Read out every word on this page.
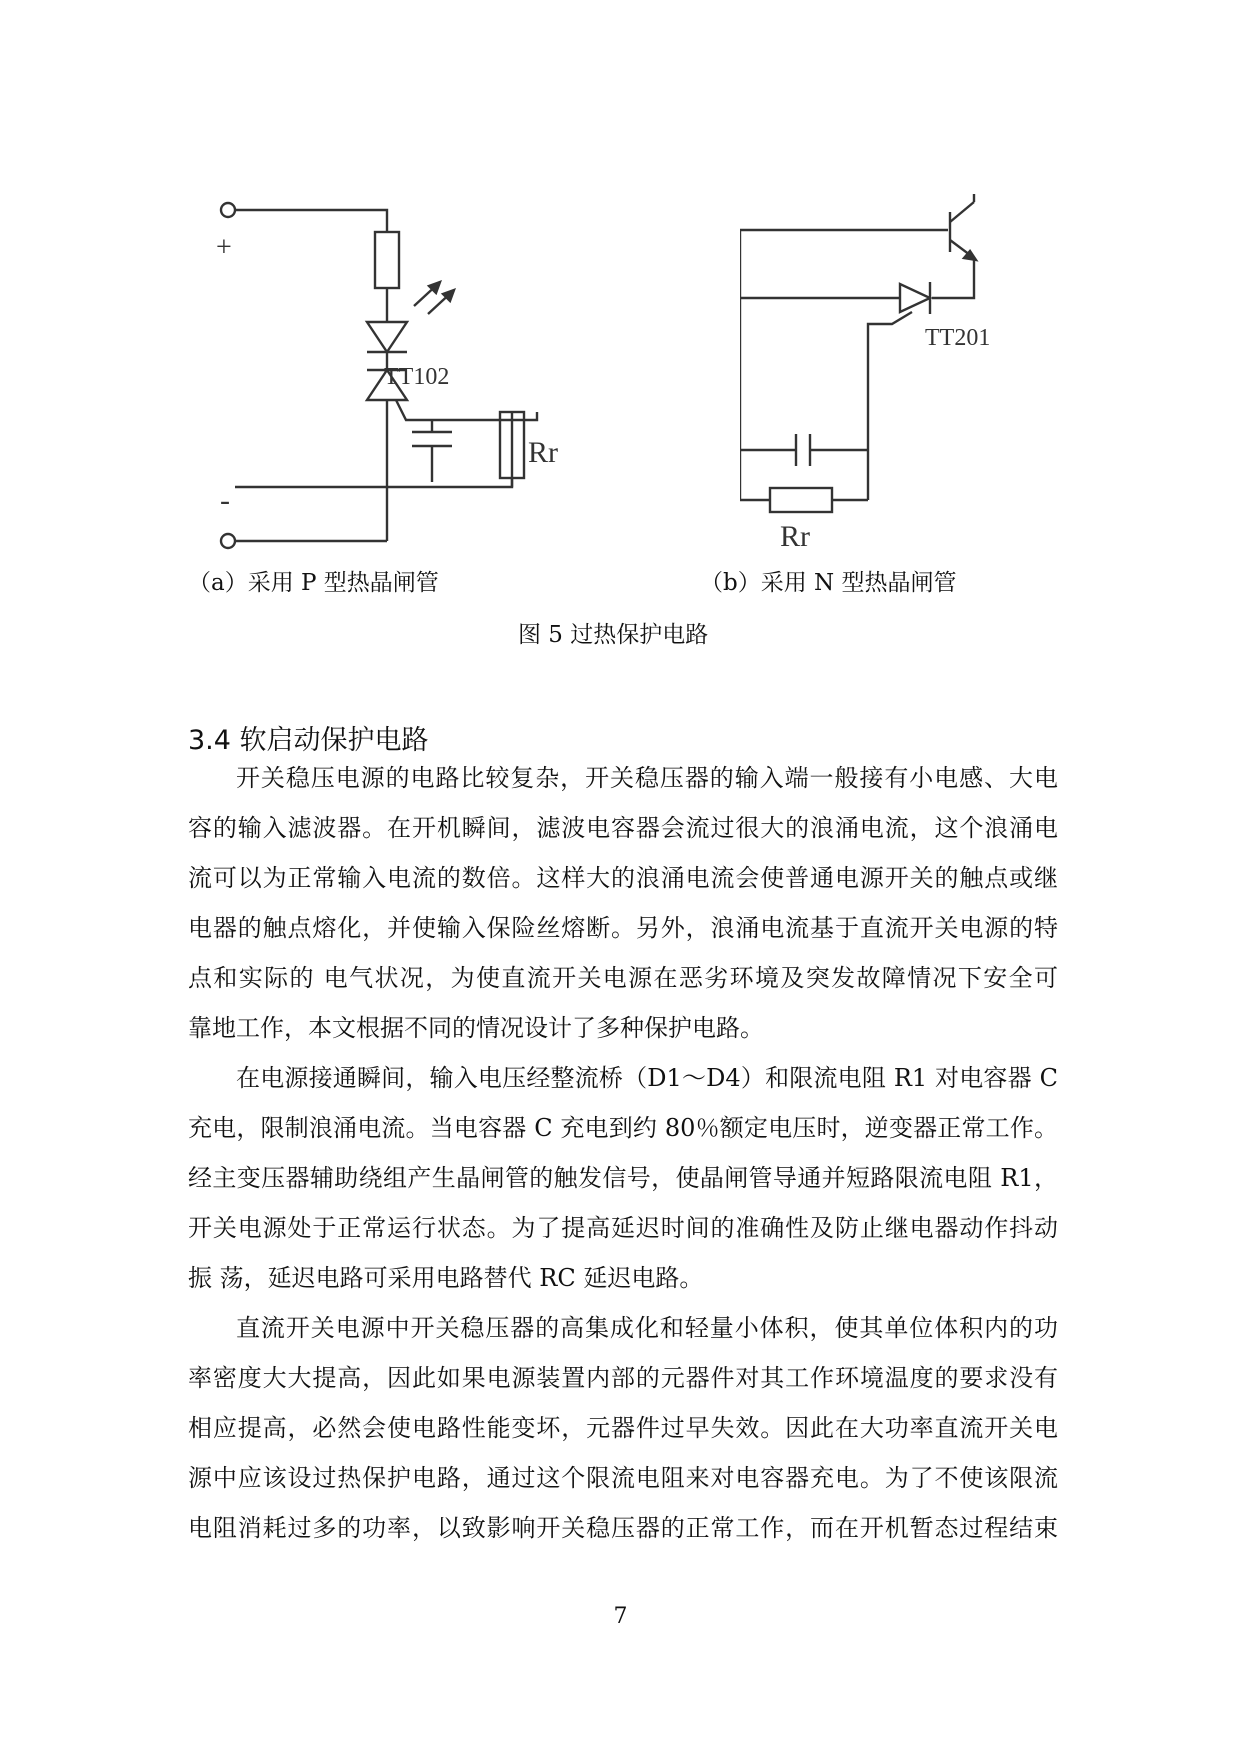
+
-
TT102
Rr
TT201
Rr
（a）采用 P 型热晶闸管	（b）采用 N 型热晶闸管
图 5 过热保护电路
3.4 软启动保护电路
开关稳压电源的电路比较复杂，开关稳压器的输入端一般接有小电感、大电
容的输入滤波器。在开机瞬间，滤波电容器会流过很大的浪涌电流，这个浪涌电
流可以为正常输入电流的数倍。这样大的浪涌电流会使普通电源开关的触点或继
电器的触点熔化，并使输入保险丝熔断。另外，浪涌电流基于直流开关电源的特
点和实际的 电气状况，为使直流开关电源在恶劣环境及突发故障情况下安全可
靠地工作，本文根据不同的情况设计了多种保护电路。
在电源接通瞬间，输入电压经整流桥（D1～D4）和限流电阻 R1 对电容器 C
充电，限制浪涌电流。当电容器 C 充电到约 80％额定电压时，逆变器正常工作。
经主变压器辅助绕组产生晶闸管的触发信号，使晶闸管导通并短路限流电阻 R1，
开关电源处于正常运行状态。为了提高延迟时间的准确性及防止继电器动作抖动
振 荡，延迟电路可采用电路替代 RC 延迟电路。
直流开关电源中开关稳压器的高集成化和轻量小体积，使其单位体积内的功
率密度大大提高，因此如果电源装置内部的元器件对其工作环境温度的要求没有
相应提高，必然会使电路性能变坏，元器件过早失效。因此在大功率直流开关电
源中应该设过热保护电路，通过这个限流电阻来对电容器充电。为了不使该限流
电阻消耗过多的功率，以致影响开关稳压器的正常工作，而在开机暂态过程结束
7
